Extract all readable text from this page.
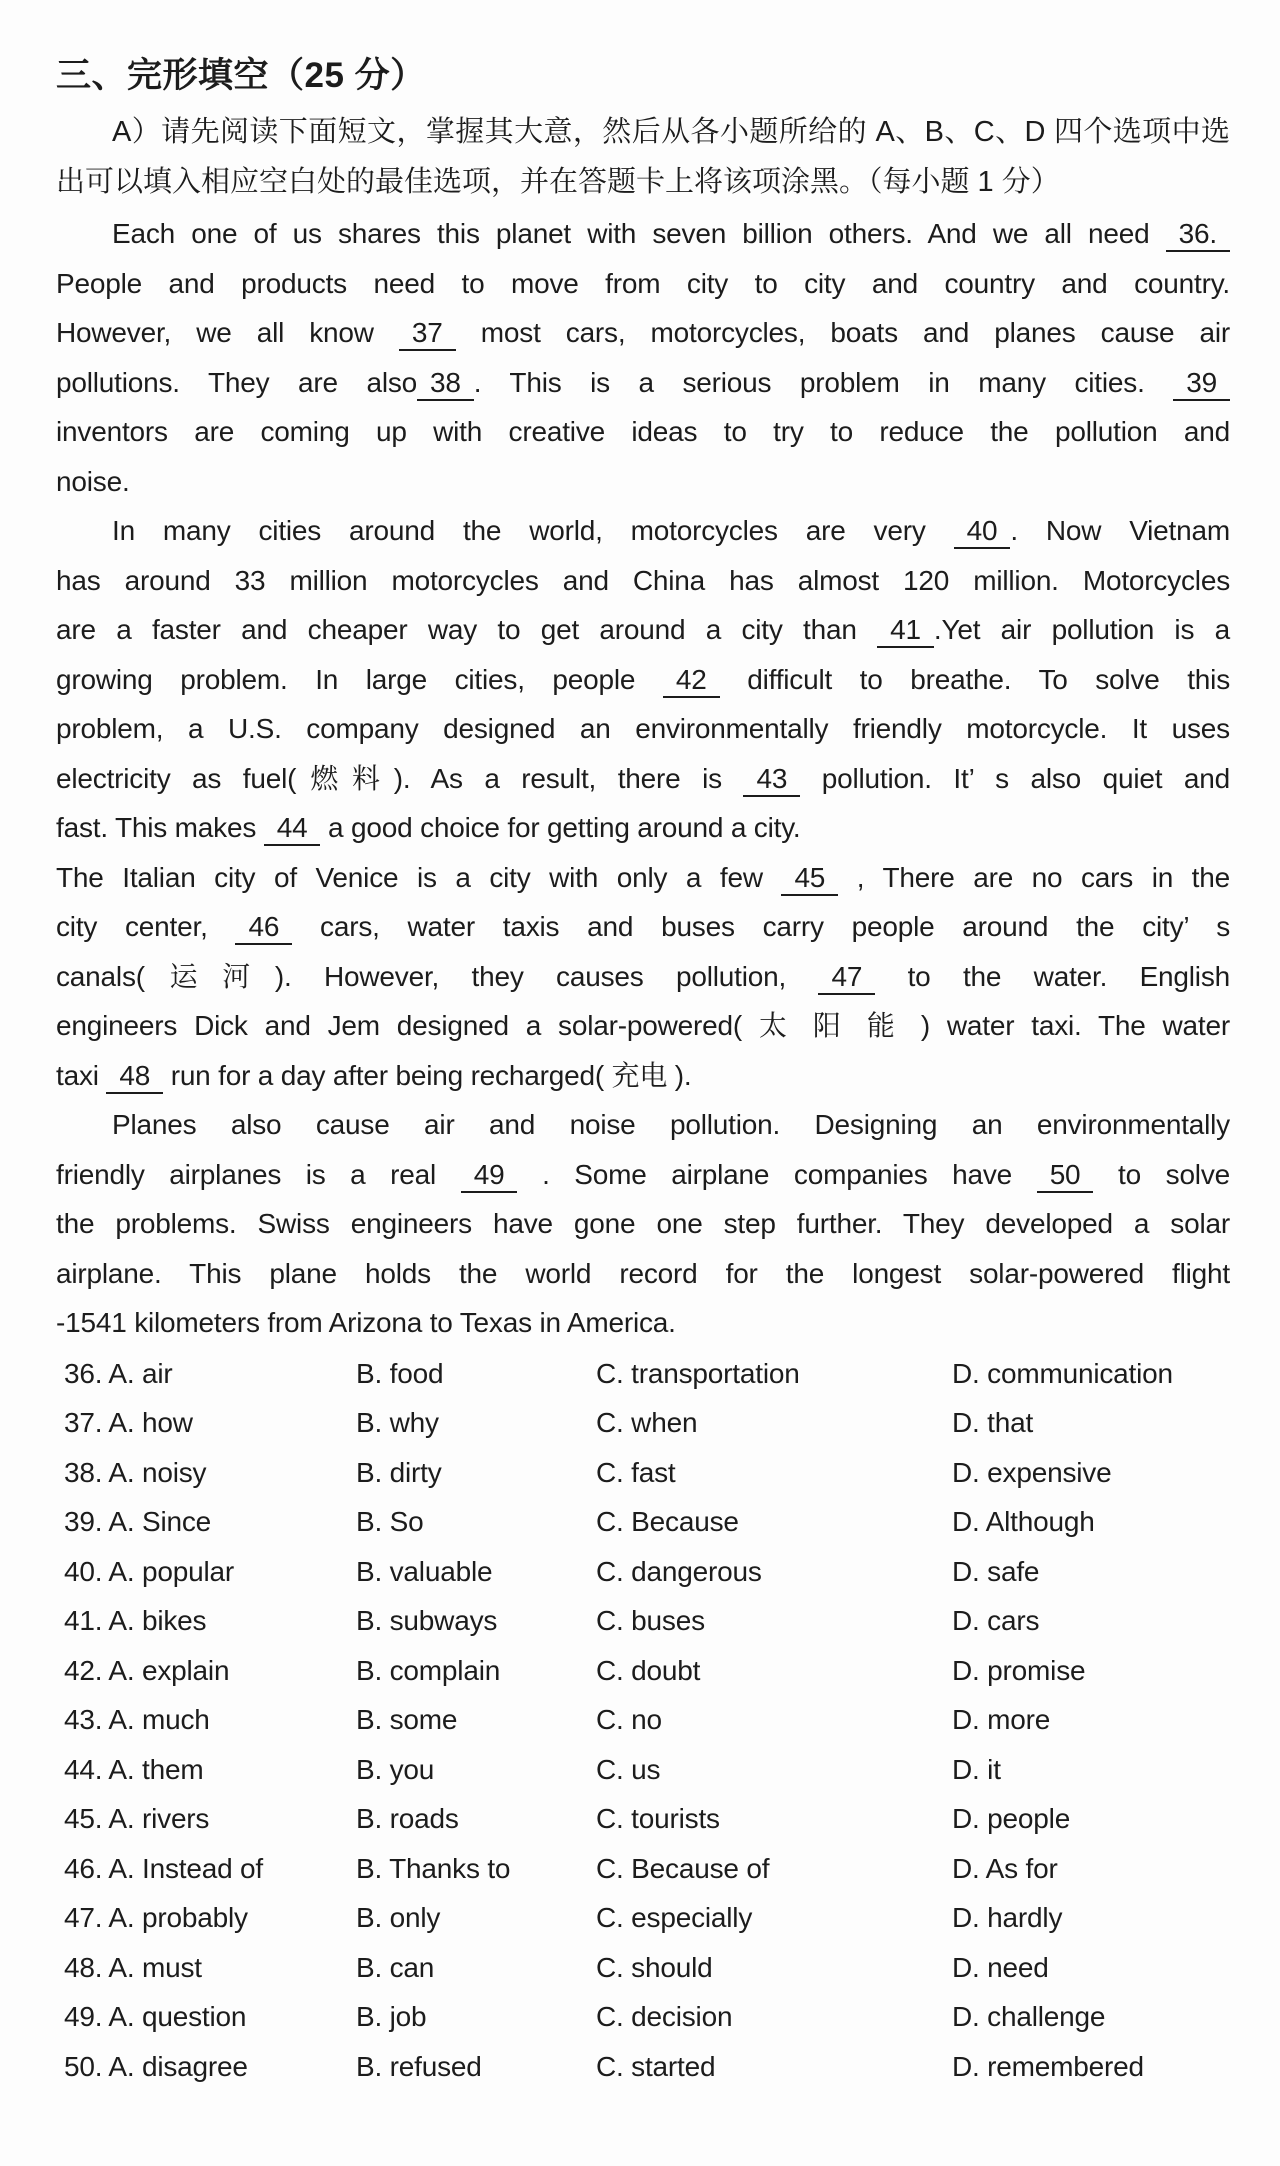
三、完形填空（25 分）
A）请先阅读下面短文，掌握其大意，然后从各小题所给的 A、B、C、D 四个选项中选
出可以填入相应空白处的最佳选项，并在答题卡上将该项涂黑。（每小题 1 分）
Each one of us shares this planet with seven billion others. And we all need 36.
People and products need to move from city to city and country and country.
However, we all know 37 most cars, motorcycles, boats and planes cause air
pollutions. They are also 38 . This is a serious problem in many cities. 39
inventors are coming up with creative ideas to try to reduce the pollution and
noise.
In many cities around the world, motorcycles are very 40 . Now Vietnam
has around 33 million motorcycles and China has almost 120 million. Motorcycles
are a faster and cheaper way to get around a city than 41 .Yet air pollution is a
growing problem. In large cities, people 42 difficult to breathe. To solve this
problem, a U.S. company designed an environmentally friendly motorcycle. It uses
electricity as fuel(燃料). As a result, there is 43 pollution. It’ s also quiet and
fast. This makes 44 a good choice for getting around a city.
The Italian city of Venice is a city with only a few 45 , There are no cars in the
city center, 46 cars, water taxis and buses carry people around the city’ s
canals(运河). However, they causes pollution, 47 to the water. English
engineers Dick and Jem designed a solar-powered( 太 阳 能 ) water taxi. The water
taxi 48 run for a day after being recharged( 充电 ).
Planes also cause air and noise pollution. Designing an environmentally
friendly airplanes is a real 49 . Some airplane companies have 50 to solve
the problems. Swiss engineers have gone one step further. They developed a solar
airplane. This plane holds the world record for the longest solar-powered flight
-1541 kilometers from Arizona to Texas in America.
36. A. air	B. food	C. transportation	D. communication
37. A. how	B. why	C. when	D. that
38. A. noisy	B. dirty	C. fast	D. expensive
39. A. Since	B. So	C. Because	D. Although
40. A. popular	B. valuable	C. dangerous	D. safe
41. A. bikes	B. subways	C. buses	D. cars
42. A. explain	B. complain	C. doubt	D. promise
43. A. much	B. some	C. no	D. more
44. A. them	B. you	C. us	D. it
45. A. rivers	B. roads	C. tourists	D. people
46. A. Instead of	B. Thanks to	C. Because of	D. As for
47. A. probably	B. only	C. especially	D. hardly
48. A. must	B. can	C. should	D. need
49. A. question	B. job	C. decision	D. challenge
50. A. disagree	B. refused	C. started	D. remembered
